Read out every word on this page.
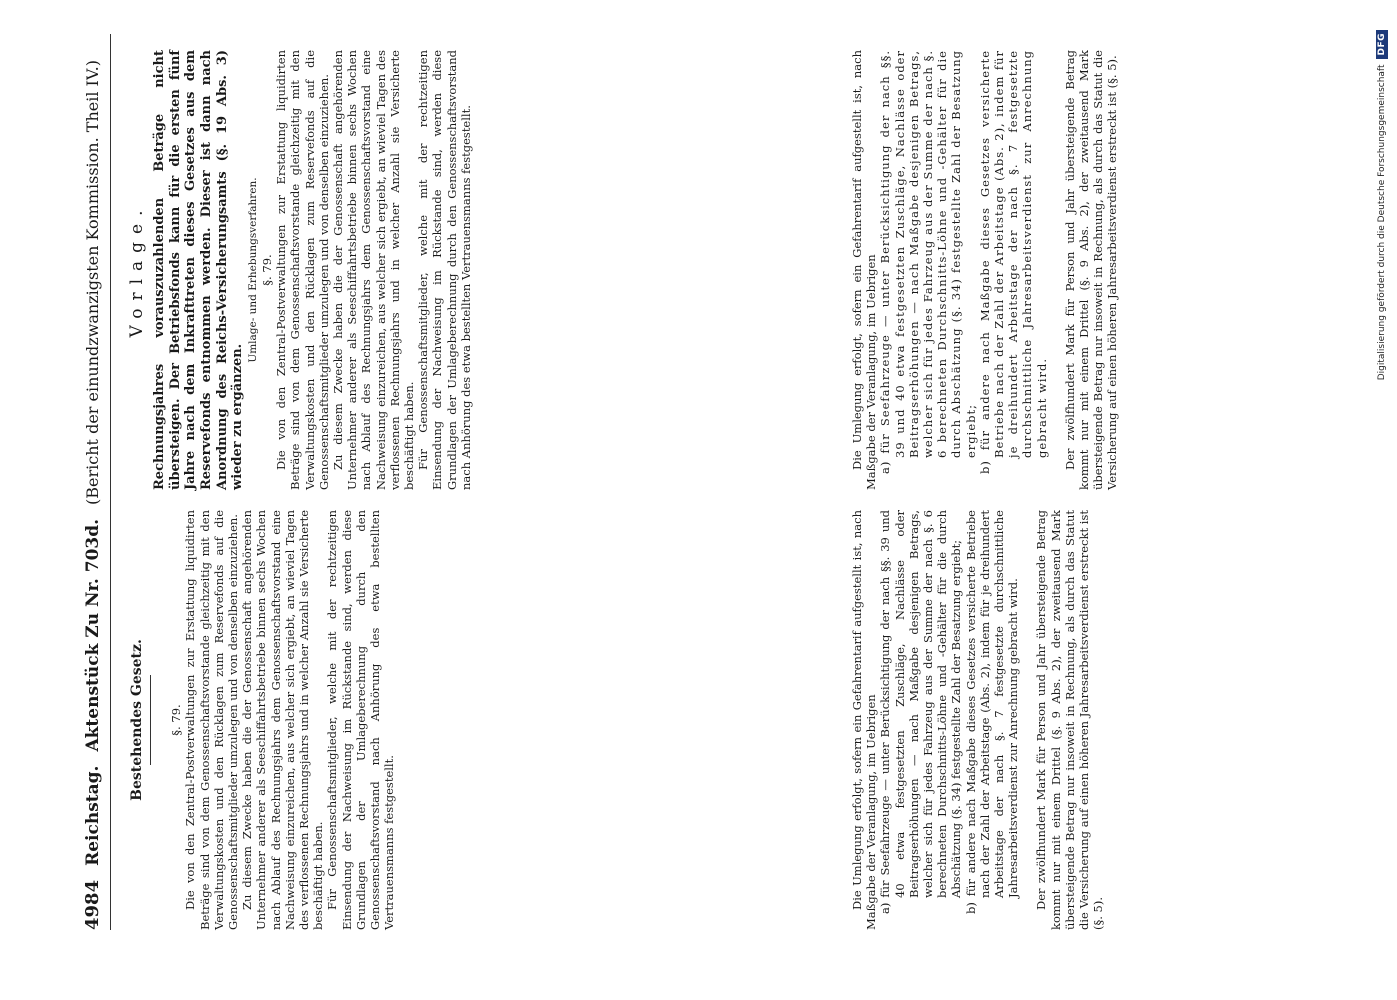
4984
Reichstag.
Aktenstück Zu Nr. 703d.
(Bericht der einundzwanzigsten Kommission. Theil IV.)
Bestehendes Gesetz. §. 79. Die von den Zentral-Postverwaltungen zur Erstattung liquidirten Beträge sind von dem Genossenschaftsvorstande gleichzeitig mit den Verwaltungskosten und den Rücklagen zum Reservefonds auf die Genossenschaftsmitglieder umzulegen und von denselben einzuziehen. Zu diesem Zwecke haben die der Genossenschaft angehörenden Unternehmer anderer als Seeschiffahrtsbetriebe binnen sechs Wochen nach Ablauf des Rechnungsjahrs dem Genossenschaftsvorstand eine Nachweisung einzureichen, aus welcher sich ergiebt, an wieviel Tagen des verflossenen Rechnungsjahrs und in welcher Anzahl sie Versicherte beschäftigt haben. Für Genossenschaftsmitglieder, welche mit der rechtzeitigen Einsendung der Nachweisung im Rückstande sind, werden diese Grundlagen der Umlageberechnung durch den Genossenschaftsvorstand nach Anhörung des etwa bestellten Vertrauensmanns festgestellt.

Vorlage. Rechnungsjahres vorauszuzahlenden Beträge nicht übersteigen. Der Betriebsfonds kann für die ersten fünf Jahre nach dem Inkrafttreten dieses Gesetzes aus dem Reservefonds entnommen werden. Dieser ist dann nach Anordnung des Reichs-Versicherungsamts (§. 19 Abs. 3) wieder zu ergänzen.

Umlage- und Erhebungsverfahren. §. 79. Die von den Zentral-Postverwaltungen zur Erstattung liquidirten Beträge sind von dem Genossenschaftsvorstande gleichzeitig mit den Verwaltungskosten und den Rücklagen zum Reservefonds auf die Genossenschaftsmitglieder umzulegen und von denselben einzuziehen. Zu diesem Zwecke haben die der Genossenschaft angehörenden Unternehmer anderer als Seeschiffahrtsbetriebe binnen sechs Wochen nach Ablauf des Rechnungsjahrs dem Genossenschaftsvorstand eine Nachweisung einzureichen, aus welcher sich ergiebt, an wieviel Tagen des verflossenen Rechnungsjahrs und in welcher Anzahl sie Versicherte beschäftigt haben. Für Genossenschaftsmitglieder, welche mit der rechtzeitigen Einsendung der Nachweisung im Rückstande sind, werden diese Grundlagen der Umlageberechnung durch den Genossenschaftsvorstand nach Anhörung des etwa bestellten Vertrauensmanns festgestellt.

Die Umlegung erfolgt, sofern ein Gefahrentarif aufgestellt ist, nach Maßgabe der Veranlagung, im Uebrigen a) für Seefahrzeuge — unter Berücksichtigung der nach §§. 39 und 40 etwa festgesetzten Zuschläge, Nachlässe oder Beitragserhöhungen — nach Maßgabe desjenigen Betrags, welcher sich für jedes Fahrzeug aus der Summe der nach §. 6 berechneten Durchschnitts-Löhne und -Gehälter für die durch Abschätzung (§. 34) festgestellte Zahl der Besatzung ergiebt; b) für andere nach Maßgabe dieses Gesetzes versicherte Betriebe nach der Zahl der Arbeitstage (Abs. 2), indem für je dreihundert Arbeitstage der nach §. 7 festgesetzte durchschnittliche Jahresarbeitsverdienst zur Anrechnung gebracht wird. Der zwölfhundert Mark für Person und Jahr übersteigende Betrag kommt nur mit einem Drittel (§. 9 Abs. 2), der zweitausend Mark übersteigende Betrag nur insoweit in Rechnung, als durch das Statut die Versicherung auf einen höheren Jahresarbeitsverdienst erstreckt ist (§. 5).

Die Umlegung erfolgt, sofern ein Gefahrentarif aufgestellt ist, nach Maßgabe der Veranlagung, im Uebrigen a) für Seefahrzeuge — unter Berücksichtigung der nach §§. 39 und 40 etwa festgesetzten Zuschläge, Nachlässe oder Beitragserhöhungen — nach Maßgabe desjenigen Betrags, welcher sich für jedes Fahrzeug aus der Summe der nach §. 6 berechneten Durchschnitts-Löhne und -Gehälter für die durch Abschätzung (§. 34) festgestellte Zahl der Besatzung ergiebt; b) für andere nach Maßgabe dieses Gesetzes versicherte Betriebe nach der Zahl der Arbeitstage (Abs. 2), indem für je dreihundert Arbeitstage der nach §. 7 festgesetzte durchschnittliche Jahresarbeitsverdienst zur Anrechnung gebracht wird. Der zwölfhundert Mark für Person und Jahr übersteigende Betrag kommt nur mit einem Drittel (§. 9 Abs. 2), der zweitausend Mark übersteigende Betrag nur insoweit in Rechnung, als durch das Statut die Versicherung auf einen höheren Jahresarbeitsverdienst erstreckt ist (§. 5).	Digitalisierung gefördert durch die Deutsche Forschungsgemeinschaft
DFG
